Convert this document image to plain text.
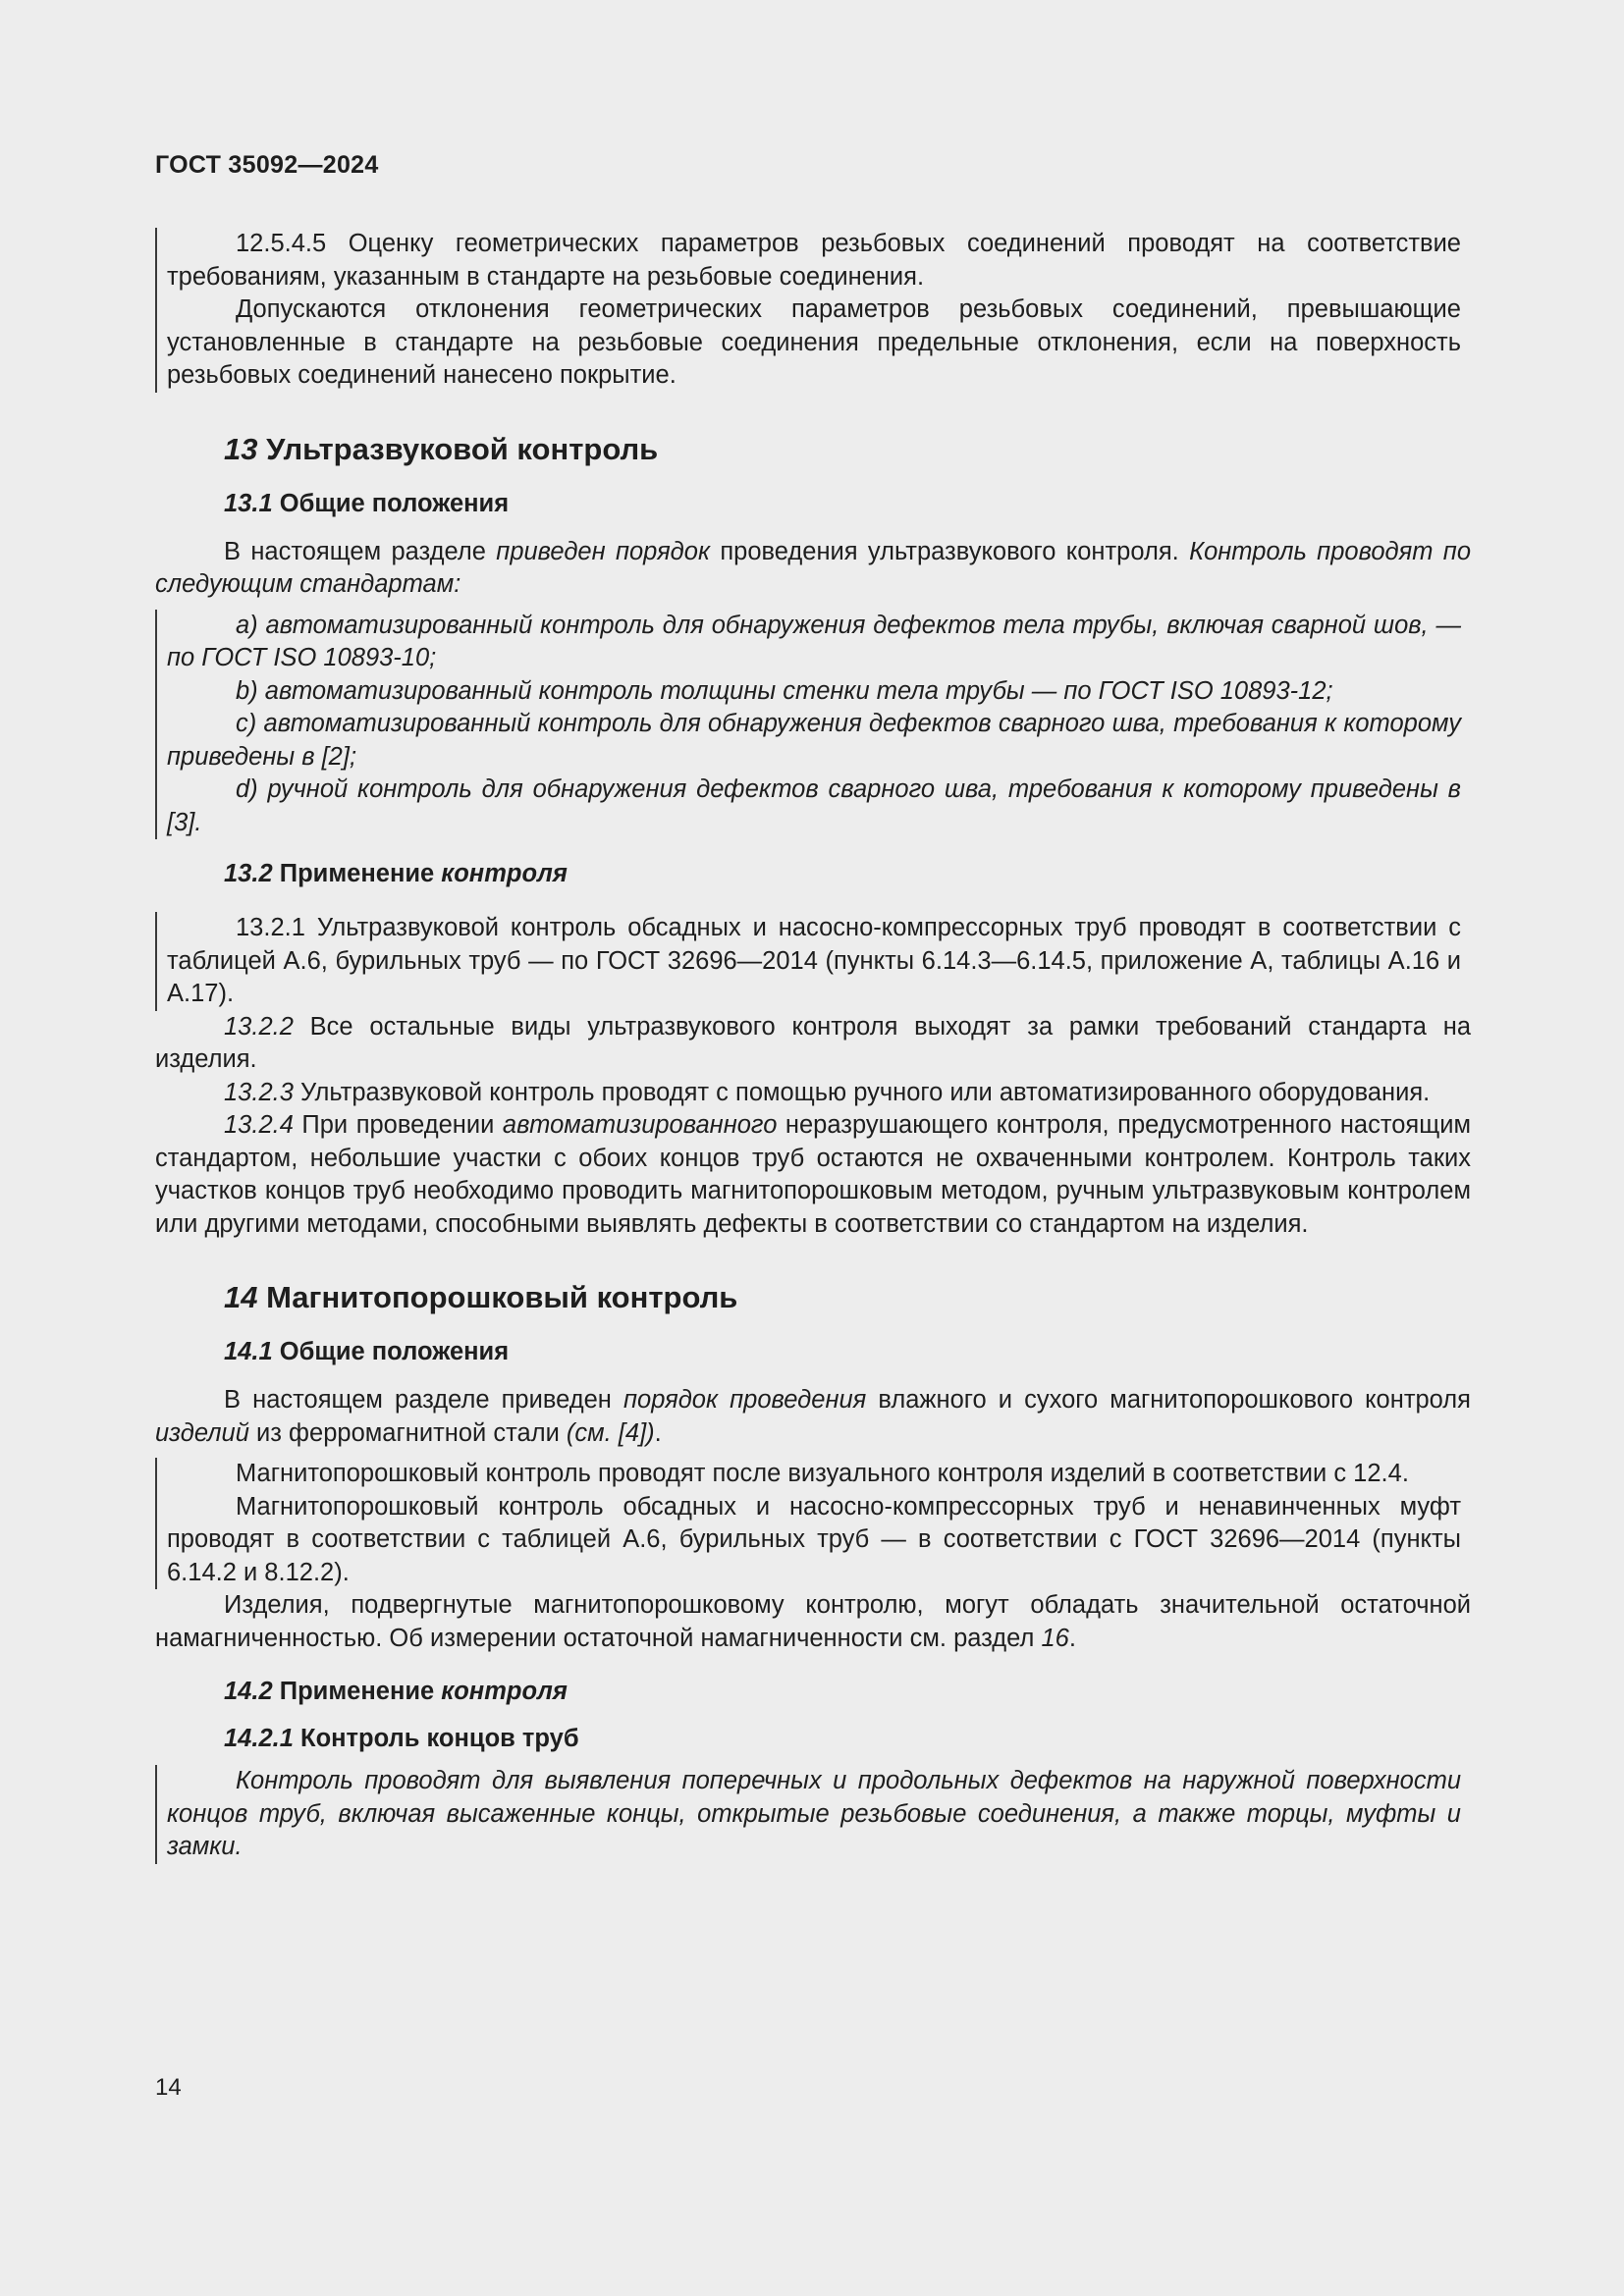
ГОСТ 35092—2024

12.5.4.5 Оценку геометрических параметров резьбовых соединений проводят на соответствие требованиям, указанным в стандарте на резьбовые соединения.

Допускаются отклонения геометрических параметров резьбовых соединений, превышающие установленные в стандарте на резьбовые соединения предельные отклонения, если на поверхность резьбовых соединений нанесено покрытие.

13 Ультразвуковой контроль
13.1 Общие положения

В настоящем разделе приведен порядок проведения ультразвукового контроля. Контроль проводят по следующим стандартам:

a) автоматизированный контроль для обнаружения дефектов тела трубы, включая сварной шов, — по ГОСТ ISO 10893-10;

b) автоматизированный контроль толщины стенки тела трубы — по ГОСТ ISO 10893-12;

c) автоматизированный контроль для обнаружения дефектов сварного шва, требования к которому приведены в [2];

d) ручной контроль для обнаружения дефектов сварного шва, требования к которому приведены в [3].

13.2 Применение контроля

13.2.1 Ультразвуковой контроль обсадных и насосно-компрессорных труб проводят в соответствии с таблицей А.6, бурильных труб — по ГОСТ 32696—2014 (пункты 6.14.3—6.14.5, приложение А, таблицы А.16 и А.17).

13.2.2 Все остальные виды ультразвукового контроля выходят за рамки требований стандарта на изделия.

13.2.3 Ультразвуковой контроль проводят с помощью ручного или автоматизированного оборудования.

13.2.4 При проведении автоматизированного неразрушающего контроля, предусмотренного настоящим стандартом, небольшие участки с обоих концов труб остаются не охваченными контролем. Контроль таких участков концов труб необходимо проводить магнитопорошковым методом, ручным ультразвуковым контролем или другими методами, способными выявлять дефекты в соответствии со стандартом на изделия.

14 Магнитопорошковый контроль
14.1 Общие положения

В настоящем разделе приведен порядок проведения влажного и сухого магнитопорошкового контроля изделий из ферромагнитной стали (см. [4]).

Магнитопорошковый контроль проводят после визуального контроля изделий в соответствии с 12.4.

Магнитопорошковый контроль обсадных и насосно-компрессорных труб и ненавинченных муфт проводят в соответствии с таблицей А.6, бурильных труб — в соответствии с ГОСТ 32696—2014 (пункты 6.14.2 и 8.12.2).

Изделия, подвергнутые магнитопорошковому контролю, могут обладать значительной остаточной намагниченностью. Об измерении остаточной намагниченности см. раздел 16.

14.2 Применение контроля
14.2.1 Контроль концов труб

Контроль проводят для выявления поперечных и продольных дефектов на наружной поверхности концов труб, включая высаженные концы, открытые резьбовые соединения, а также торцы, муфты и замки.

14
